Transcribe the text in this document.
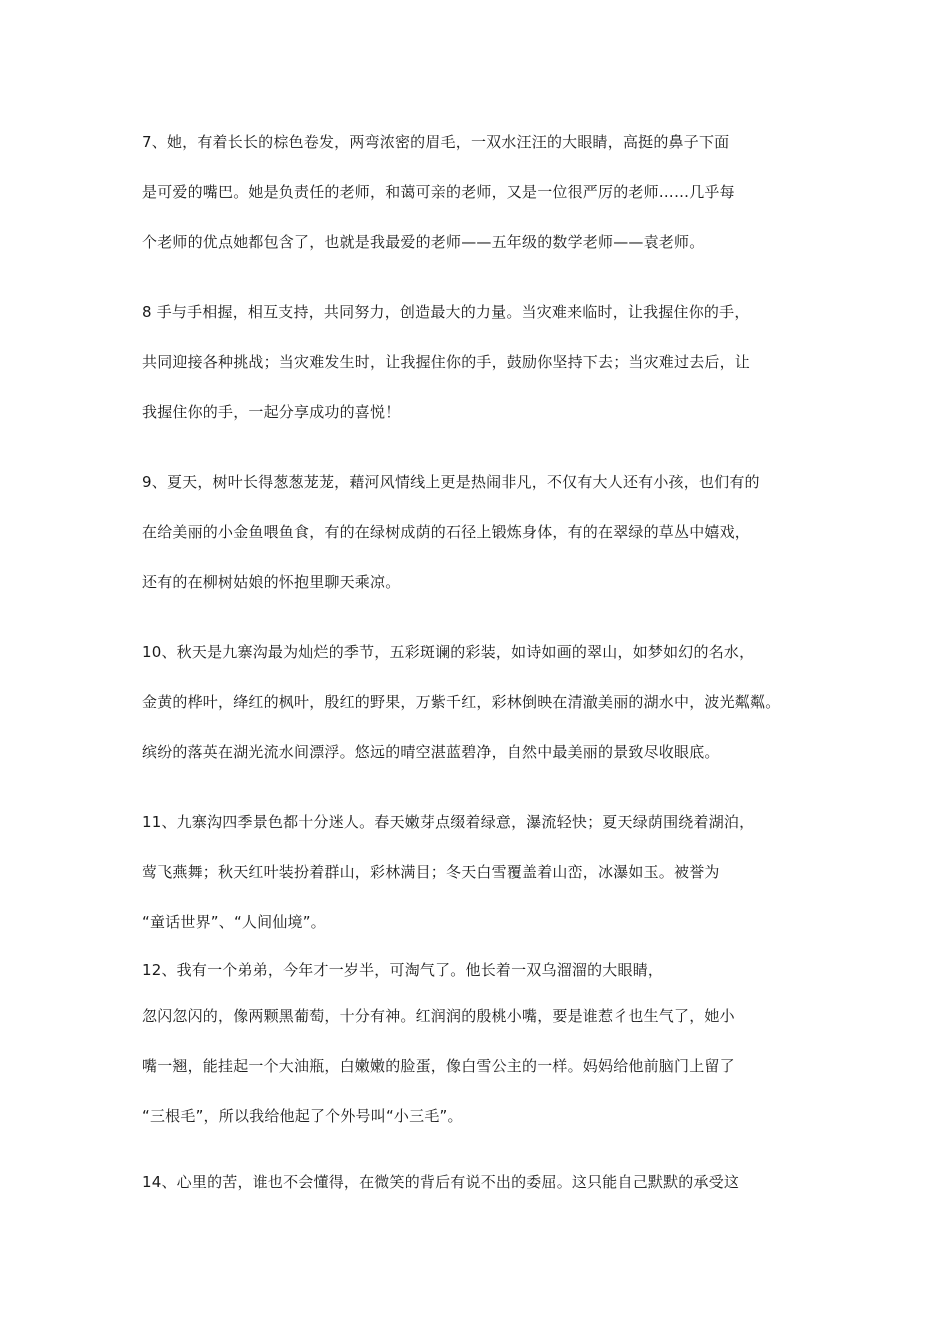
7、她，有着长长的棕色卷发，两弯浓密的眉毛，一双水汪汪的大眼睛，高挺的鼻子下面
是可爱的嘴巴。她是负责任的老师，和蔼可亲的老师，又是一位很严厉的老师……几乎每
个老师的优点她都包含了，也就是我最爱的老师——五年级的数学老师——袁老师。
8 手与手相握，相互支持，共同努力，创造最大的力量。当灾难来临时，让我握住你的手，
共同迎接各种挑战；当灾难发生时，让我握住你的手，鼓励你坚持下去；当灾难过去后，让
我握住你的手，一起分享成功的喜悦！
9、夏天，树叶长得葱葱茏茏，藉河风情线上更是热闹非凡，不仅有大人还有小孩，也们有的
在给美丽的小金鱼喂鱼食，有的在绿树成荫的石径上锻炼身体，有的在翠绿的草丛中嬉戏，
还有的在柳树姑娘的怀抱里聊天乘凉。
10、秋天是九寨沟最为灿烂的季节，五彩斑谰的彩装，如诗如画的翠山，如梦如幻的名水，
金黄的桦叶，绛红的枫叶，殷红的野果，万紫千红，彩林倒映在清澈美丽的湖水中，波光粼粼。
缤纷的落英在湖光流水间漂浮。悠远的晴空湛蓝碧净，自然中最美丽的景致尽收眼底。
11、九寨沟四季景色都十分迷人。春天嫩芽点缀着绿意，瀑流轻快；夏天绿荫围绕着湖泊，
莺飞燕舞；秋天红叶装扮着群山，彩林满目；冬天白雪覆盖着山峦，冰瀑如玉。被誉为
“童话世界”、“人间仙境”。
12、我有一个弟弟，今年才一岁半，可淘气了。他长着一双乌溜溜的大眼睛，
忽闪忽闪的，像两颗黑葡萄，十分有神。红润润的殷桃小嘴，要是谁惹彳也生气了，她小
嘴一翘，能挂起一个大油瓶，白嫩嫩的脸蛋，像白雪公主的一样。妈妈给他前脑门上留了
“三根毛”，所以我给他起了个外号叫“小三毛”。
14、心里的苦，谁也不会懂得，在微笑的背后有说不出的委屈。这只能自己默默的承受这
